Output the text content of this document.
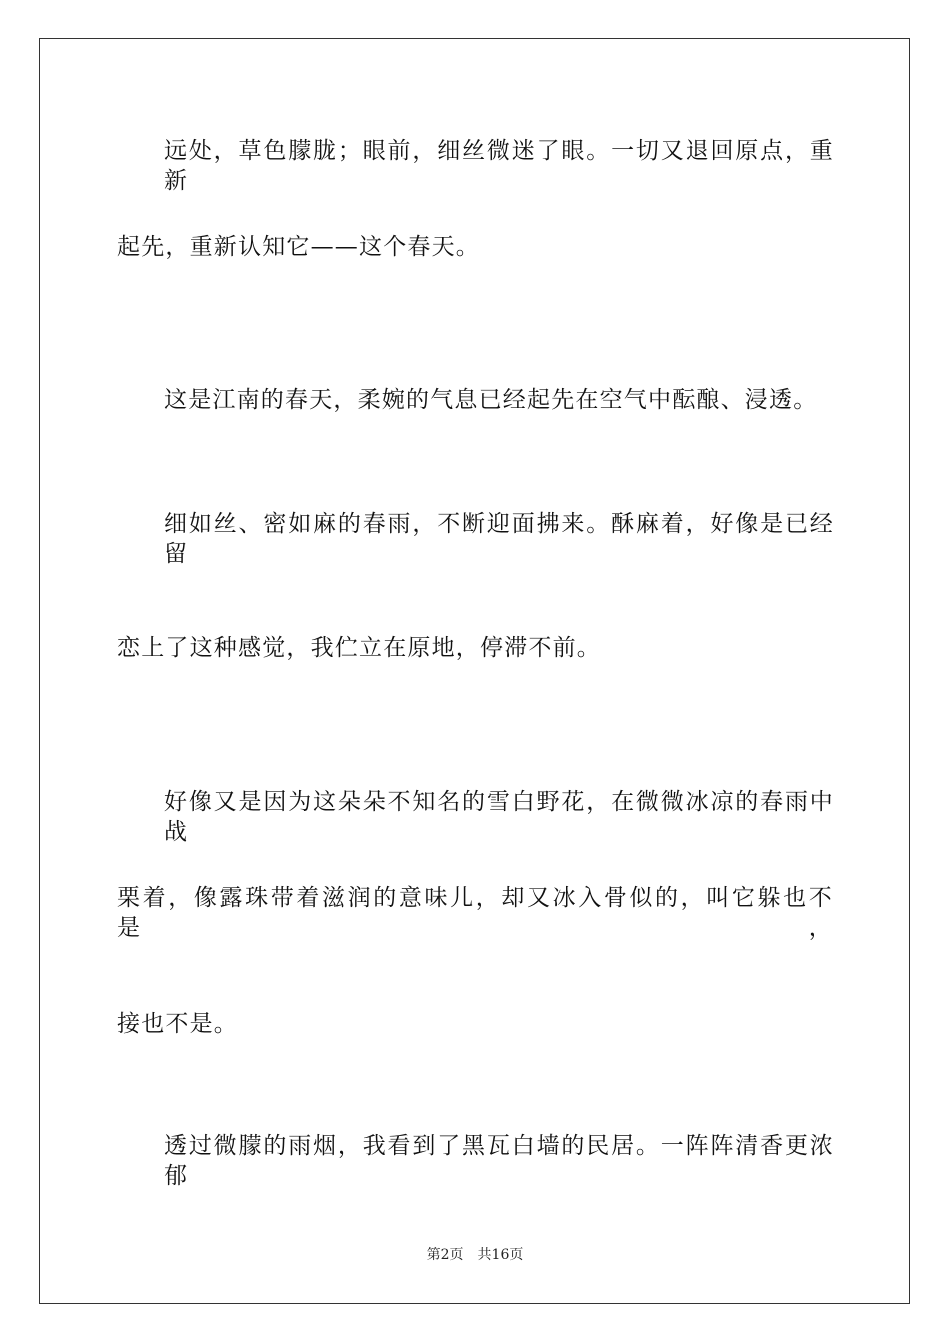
远处，草色朦胧；眼前，细丝微迷了眼。一切又退回原点，重新
起先，重新认知它——这个春天。
这是江南的春天，柔婉的气息已经起先在空气中酝酿、浸透。
细如丝、密如麻的春雨，不断迎面拂来。酥麻着，好像是已经留
恋上了这种感觉，我伫立在原地，停滞不前。
好像又是因为这朵朵不知名的雪白野花，在微微冰凉的春雨中战
栗着，像露珠带着滋润的意味儿，却又冰入骨似的，叫它躲也不是，
接也不是。
透过微朦的雨烟，我看到了黑瓦白墙的民居。一阵阵清香更浓郁
第2页 共16页
